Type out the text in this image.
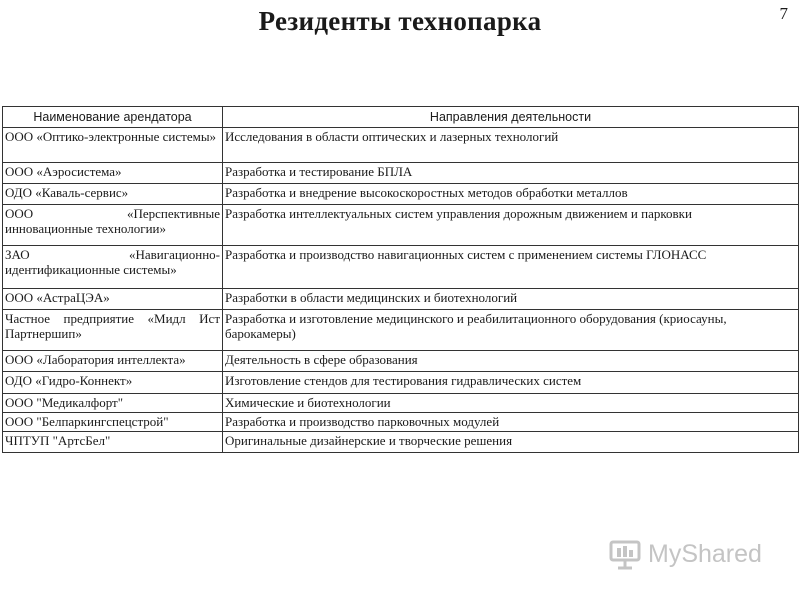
Резиденты технопарка	7
Наименование арендатора	Направления деятельности
ООО «Оптико-электронные системы»	Исследования в области оптических и лазерных технологий
ООО «Аэросистема»	Разработка и тестирование БПЛА
ОДО «Каваль-сервис»	Разработка и внедрение высокоскоростных методов обработки металлов
ООО «Перспективные инновационные технологии»	Разработка интеллектуальных систем управления дорожным движением и парковки
ЗАО «Навигационно-идентификационные системы»	Разработка и производство навигационных систем с применением системы ГЛОНАСС
ООО «АстраЦЭА»	Разработки в области медицинских и биотехнологий
Частное предприятие «Мидл Ист Партнершип»	Разработка и изготовление медицинского и реабилитационного оборудования (криосауны, барокамеры)
ООО «Лаборатория интеллекта»	Деятельность в сфере образования
ОДО «Гидро-Коннект»	Изготовление стендов для тестирования гидравлических систем
ООО "Медикалфорт"	Химические и биотехнологии
ООО "Белпаркингспецстрой"	Разработка и производство парковочных модулей
ЧПТУП "АртсБел"	Оригинальные дизайнерские и творческие решения
MyShared
